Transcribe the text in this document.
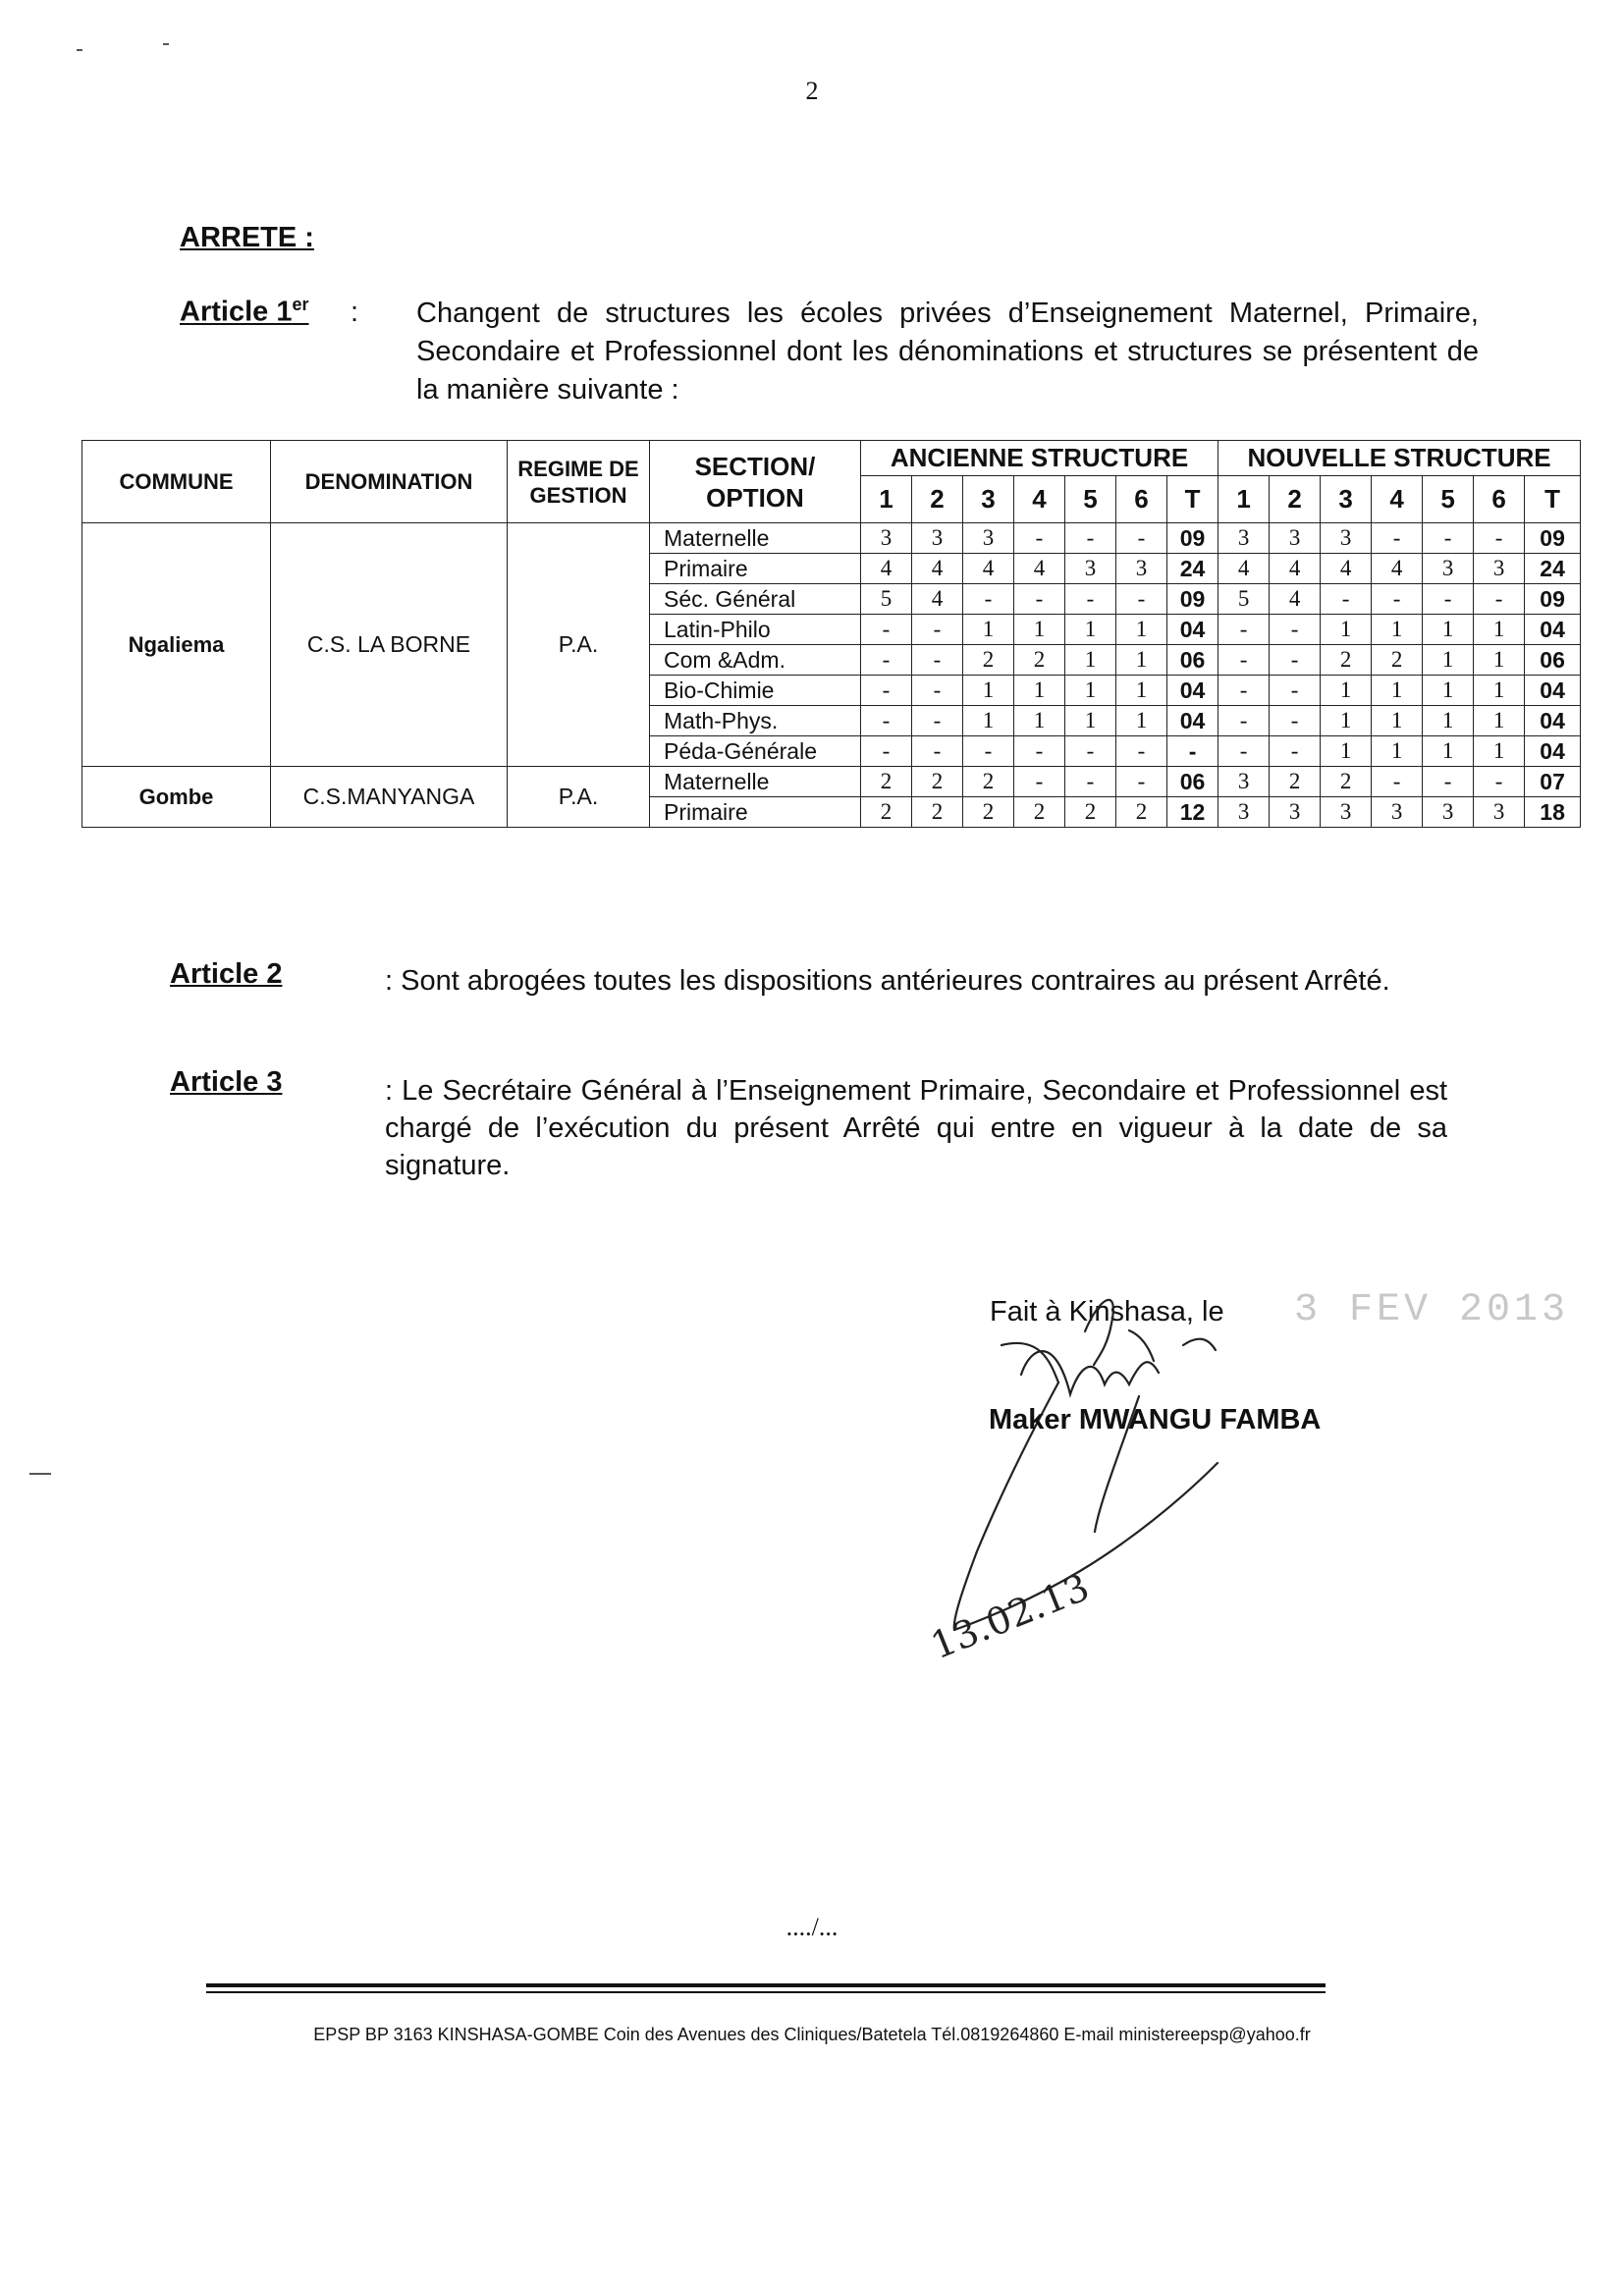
2
ARRETE :
Article 1er : Changent de structures les écoles privées d’Enseignement Maternel, Primaire, Secondaire et Professionnel dont les dénominations et structures se présentent de la manière suivante :
COMMUNE	DENOMINATION	REGIME DE GESTION	SECTION/ OPTION	ANCIENNE STRUCTURE							NOUVELLE STRUCTURE						
				1	2	3	4	5	6	T	1	2	3	4	5	6	T
Ngaliema	C.S. LA BORNE	P.A.	Maternelle	3	3	3	-	-	-	09	3	3	3	-	-	-	09
			Primaire	4	4	4	4	3	3	24	4	4	4	4	3	3	24
			Séc. Général	5	4	-	-	-	-	09	5	4	-	-	-	-	09
			Latin-Philo	-	-	1	1	1	1	04	-	-	1	1	1	1	04
			Com &Adm.	-	-	2	2	1	1	06	-	-	2	2	1	1	06
			Bio-Chimie	-	-	1	1	1	1	04	-	-	1	1	1	1	04
			Math-Phys.	-	-	1	1	1	1	04	-	-	1	1	1	1	04
			Péda-Générale	-	-	-	-	-	-	-	-	-	1	1	1	1	04
Gombe	C.S.MANYANGA	P.A.	Maternelle	2	2	2	-	-	-	06	3	2	2	-	-	-	07
			Primaire	2	2	2	2	2	2	12	3	3	3	3	3	3	18
Article 2	: Sont abrogées toutes les dispositions antérieures contraires au présent Arrêté.
Article 3	: Le Secrétaire Général à l’Enseignement Primaire, Secondaire et Professionnel est chargé de l’exécution du présent Arrêté qui entre en vigueur à la date de sa signature.
Fait à Kinshasa, le 3 FEV 2013
13.02.13
Maker MWANGU FAMBA
..../...
EPSP BP 3163 KINSHASA-GOMBE Coin des Avenues des Cliniques/Batetela Tél.0819264860 E-mail ministereepsp@yahoo.fr
